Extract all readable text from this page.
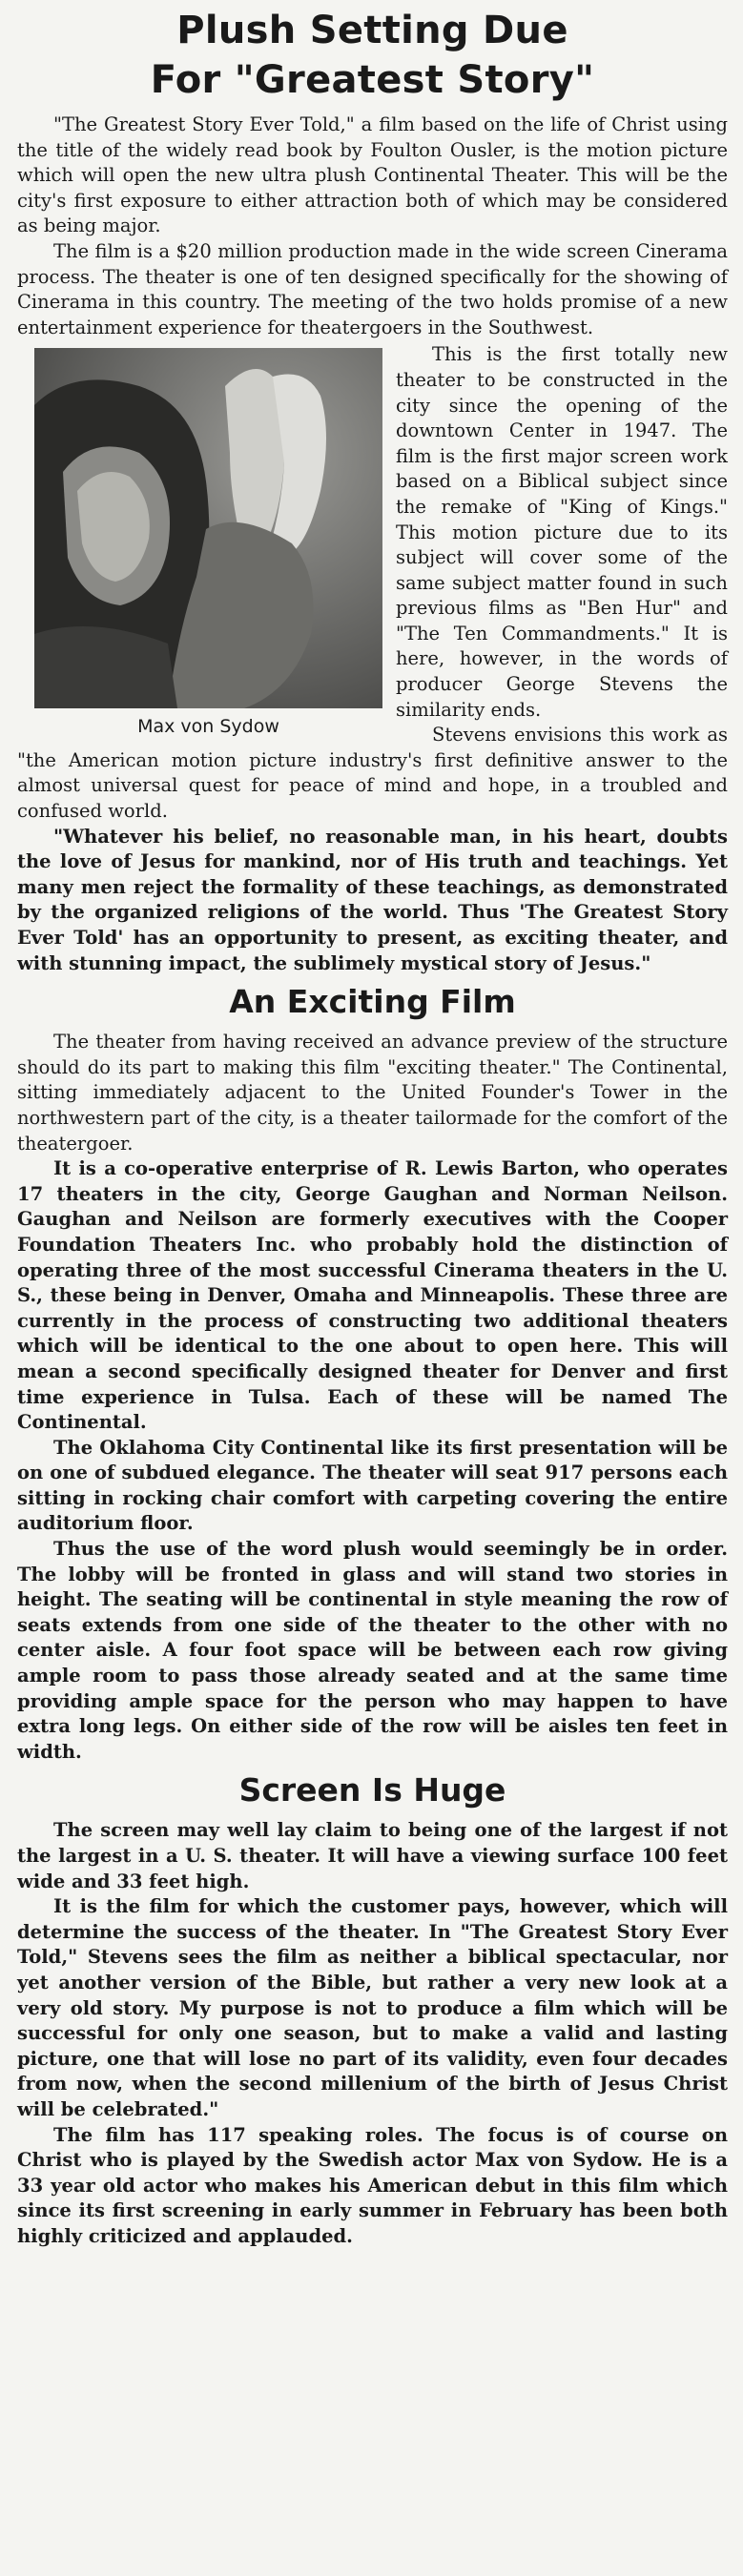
Plush Setting Due
For "Greatest Story"

"The Greatest Story Ever Told," a film based on the life of Christ using the title of the widely read book by Foulton Ousler, is the motion picture which will open the new ultra plush Continental Theater. This will be the city's first exposure to either attraction both of which may be considered as being major.

The film is a $20 million production made in the wide screen Cinerama process. The theater is one of ten designed specifically for the showing of Cinerama in this country. The meeting of the two holds promise of a new entertainment experience for theatergoers in the Southwest.

Max von Sydow

This is the first totally new theater to be constructed in the city since the opening of the downtown Center in 1947. The film is the first major screen work based on a Biblical subject since the remake of "King of Kings." This motion picture due to its subject will cover some of the same subject matter found in such previous films as "Ben Hur" and "The Ten Commandments." It is here, however, in the words of producer George Stevens the similarity ends.

Stevens envisions this work as "the American motion picture industry's first definitive answer to the almost universal quest for peace of mind and hope, in a troubled and confused world.

"Whatever his belief, no reasonable man, in his heart, doubts the love of Jesus for mankind, nor of His truth and teachings. Yet many men reject the formality of these teachings, as demonstrated by the organized religions of the world. Thus 'The Greatest Story Ever Told' has an opportunity to present, as exciting theater, and with stunning impact, the sublimely mystical story of Jesus."

An Exciting Film

The theater from having received an advance preview of the structure should do its part to making this film "exciting theater." The Continental, sitting immediately adjacent to the United Founder's Tower in the northwestern part of the city, is a theater tailormade for the comfort of the theatergoer.

It is a co-operative enterprise of R. Lewis Barton, who operates 17 theaters in the city, George Gaughan and Norman Neilson. Gaughan and Neilson are formerly executives with the Cooper Foundation Theaters Inc. who probably hold the distinction of operating three of the most successful Cinerama theaters in the U. S., these being in Denver, Omaha and Minneapolis. These three are currently in the process of constructing two additional theaters which will be identical to the one about to open here. This will mean a second specifically designed theater for Denver and first time experience in Tulsa. Each of these will be named The Continental.

The Oklahoma City Continental like its first presentation will be on one of subdued elegance. The theater will seat 917 persons each sitting in rocking chair comfort with carpeting covering the entire auditorium floor.

Thus the use of the word plush would seemingly be in order. The lobby will be fronted in glass and will stand two stories in height. The seating will be continental in style meaning the row of seats extends from one side of the theater to the other with no center aisle. A four foot space will be between each row giving ample room to pass those already seated and at the same time providing ample space for the person who may happen to have extra long legs. On either side of the row will be aisles ten feet in width.

Screen Is Huge

The screen may well lay claim to being one of the largest if not the largest in a U. S. theater. It will have a viewing surface 100 feet wide and 33 feet high.

It is the film for which the customer pays, however, which will determine the success of the theater. In "The Greatest Story Ever Told," Stevens sees the film as neither a biblical spectacular, nor yet another version of the Bible, but rather a very new look at a very old story. My purpose is not to produce a film which will be successful for only one season, but to make a valid and lasting picture, one that will lose no part of its validity, even four decades from now, when the second millenium of the birth of Jesus Christ will be celebrated."

The film has 117 speaking roles. The focus is of course on Christ who is played by the Swedish actor Max von Sydow. He is a 33 year old actor who makes his American debut in this film which since its first screening in early summer in February has been both highly criticized and applauded.
